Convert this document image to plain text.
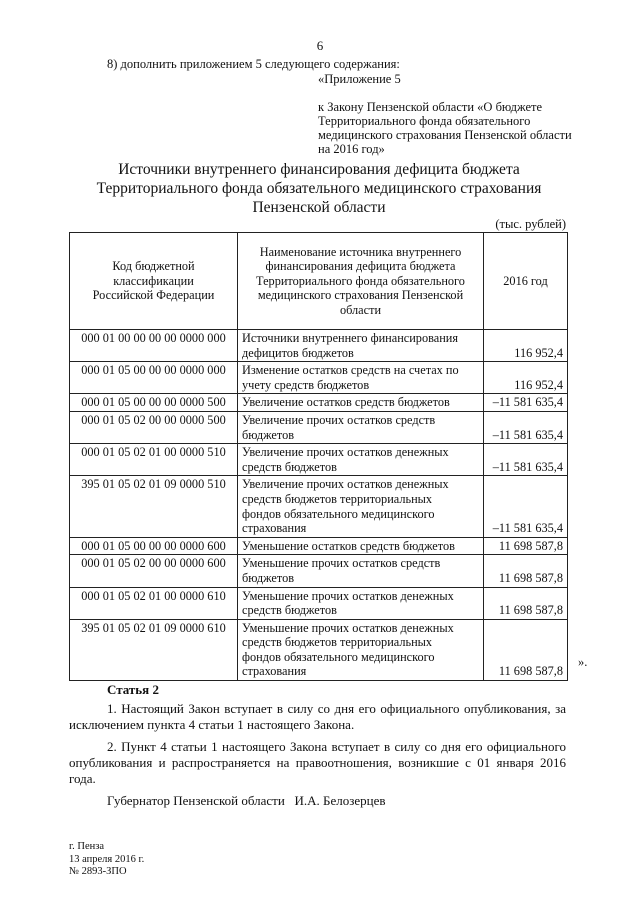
6
8) дополнить приложением 5 следующего содержания:
«Приложение 5
к Закону Пензенской области «О бюджете Территориального фонда обязательного медицинского страхования Пензенской области на 2016 год»
Источники внутреннего финансирования дефицита бюджета
Территориального фонда обязательного медицинского страхования
Пензенской области
(тыс. рублей)
Код бюджетной классификации Российской Федерации	Наименование источника внутреннего финансирования дефицита бюджета Территориального фонда обязательного медицинского страхования Пензенской области	2016 год
000 01 00 00 00 00 0000 000	Источники внутреннего финансирования
дефицитов бюджетов	116 952,4
000 01 05 00 00 00 0000 000	Изменение остатков средств на счетах по
учету средств бюджетов	116 952,4
000 01 05 00 00 00 0000 500	Увеличение остатков средств бюджетов	–11 581 635,4
000 01 05 02 00 00 0000 500	Увеличение прочих остатков средств
бюджетов	–11 581 635,4
000 01 05 02 01 00 0000 510	Увеличение прочих остатков денежных
средств бюджетов	–11 581 635,4
395 01 05 02 01 09 0000 510	Увеличение прочих остатков денежных
средств бюджетов территориальных
фондов обязательного медицинского
страхования	–11 581 635,4
000 01 05 00 00 00 0000 600	Уменьшение остатков средств бюджетов	11 698 587,8
000 01 05 02 00 00 0000 600	Уменьшение прочих остатков средств
бюджетов	11 698 587,8
000 01 05 02 01 00 0000 610	Уменьшение прочих остатков денежных
средств бюджетов	11 698 587,8
395 01 05 02 01 09 0000 610	Уменьшение прочих остатков денежных
средств бюджетов территориальных
фондов обязательного медицинского
страхования	11 698 587,8
».
Статья 2
1. Настоящий Закон вступает в силу со дня его официального опубликования, за исключением пункта 4 статьи 1 настоящего Закона.
2. Пункт 4 статьи 1 настоящего Закона вступает в силу со дня его официального опубликования и распространяется на правоотношения, возникшие с 01 января 2016 года.
Губернатор Пензенской области   И.А. Белозерцев
г. Пенза
13 апреля 2016 г.
№ 2893-ЗПО
